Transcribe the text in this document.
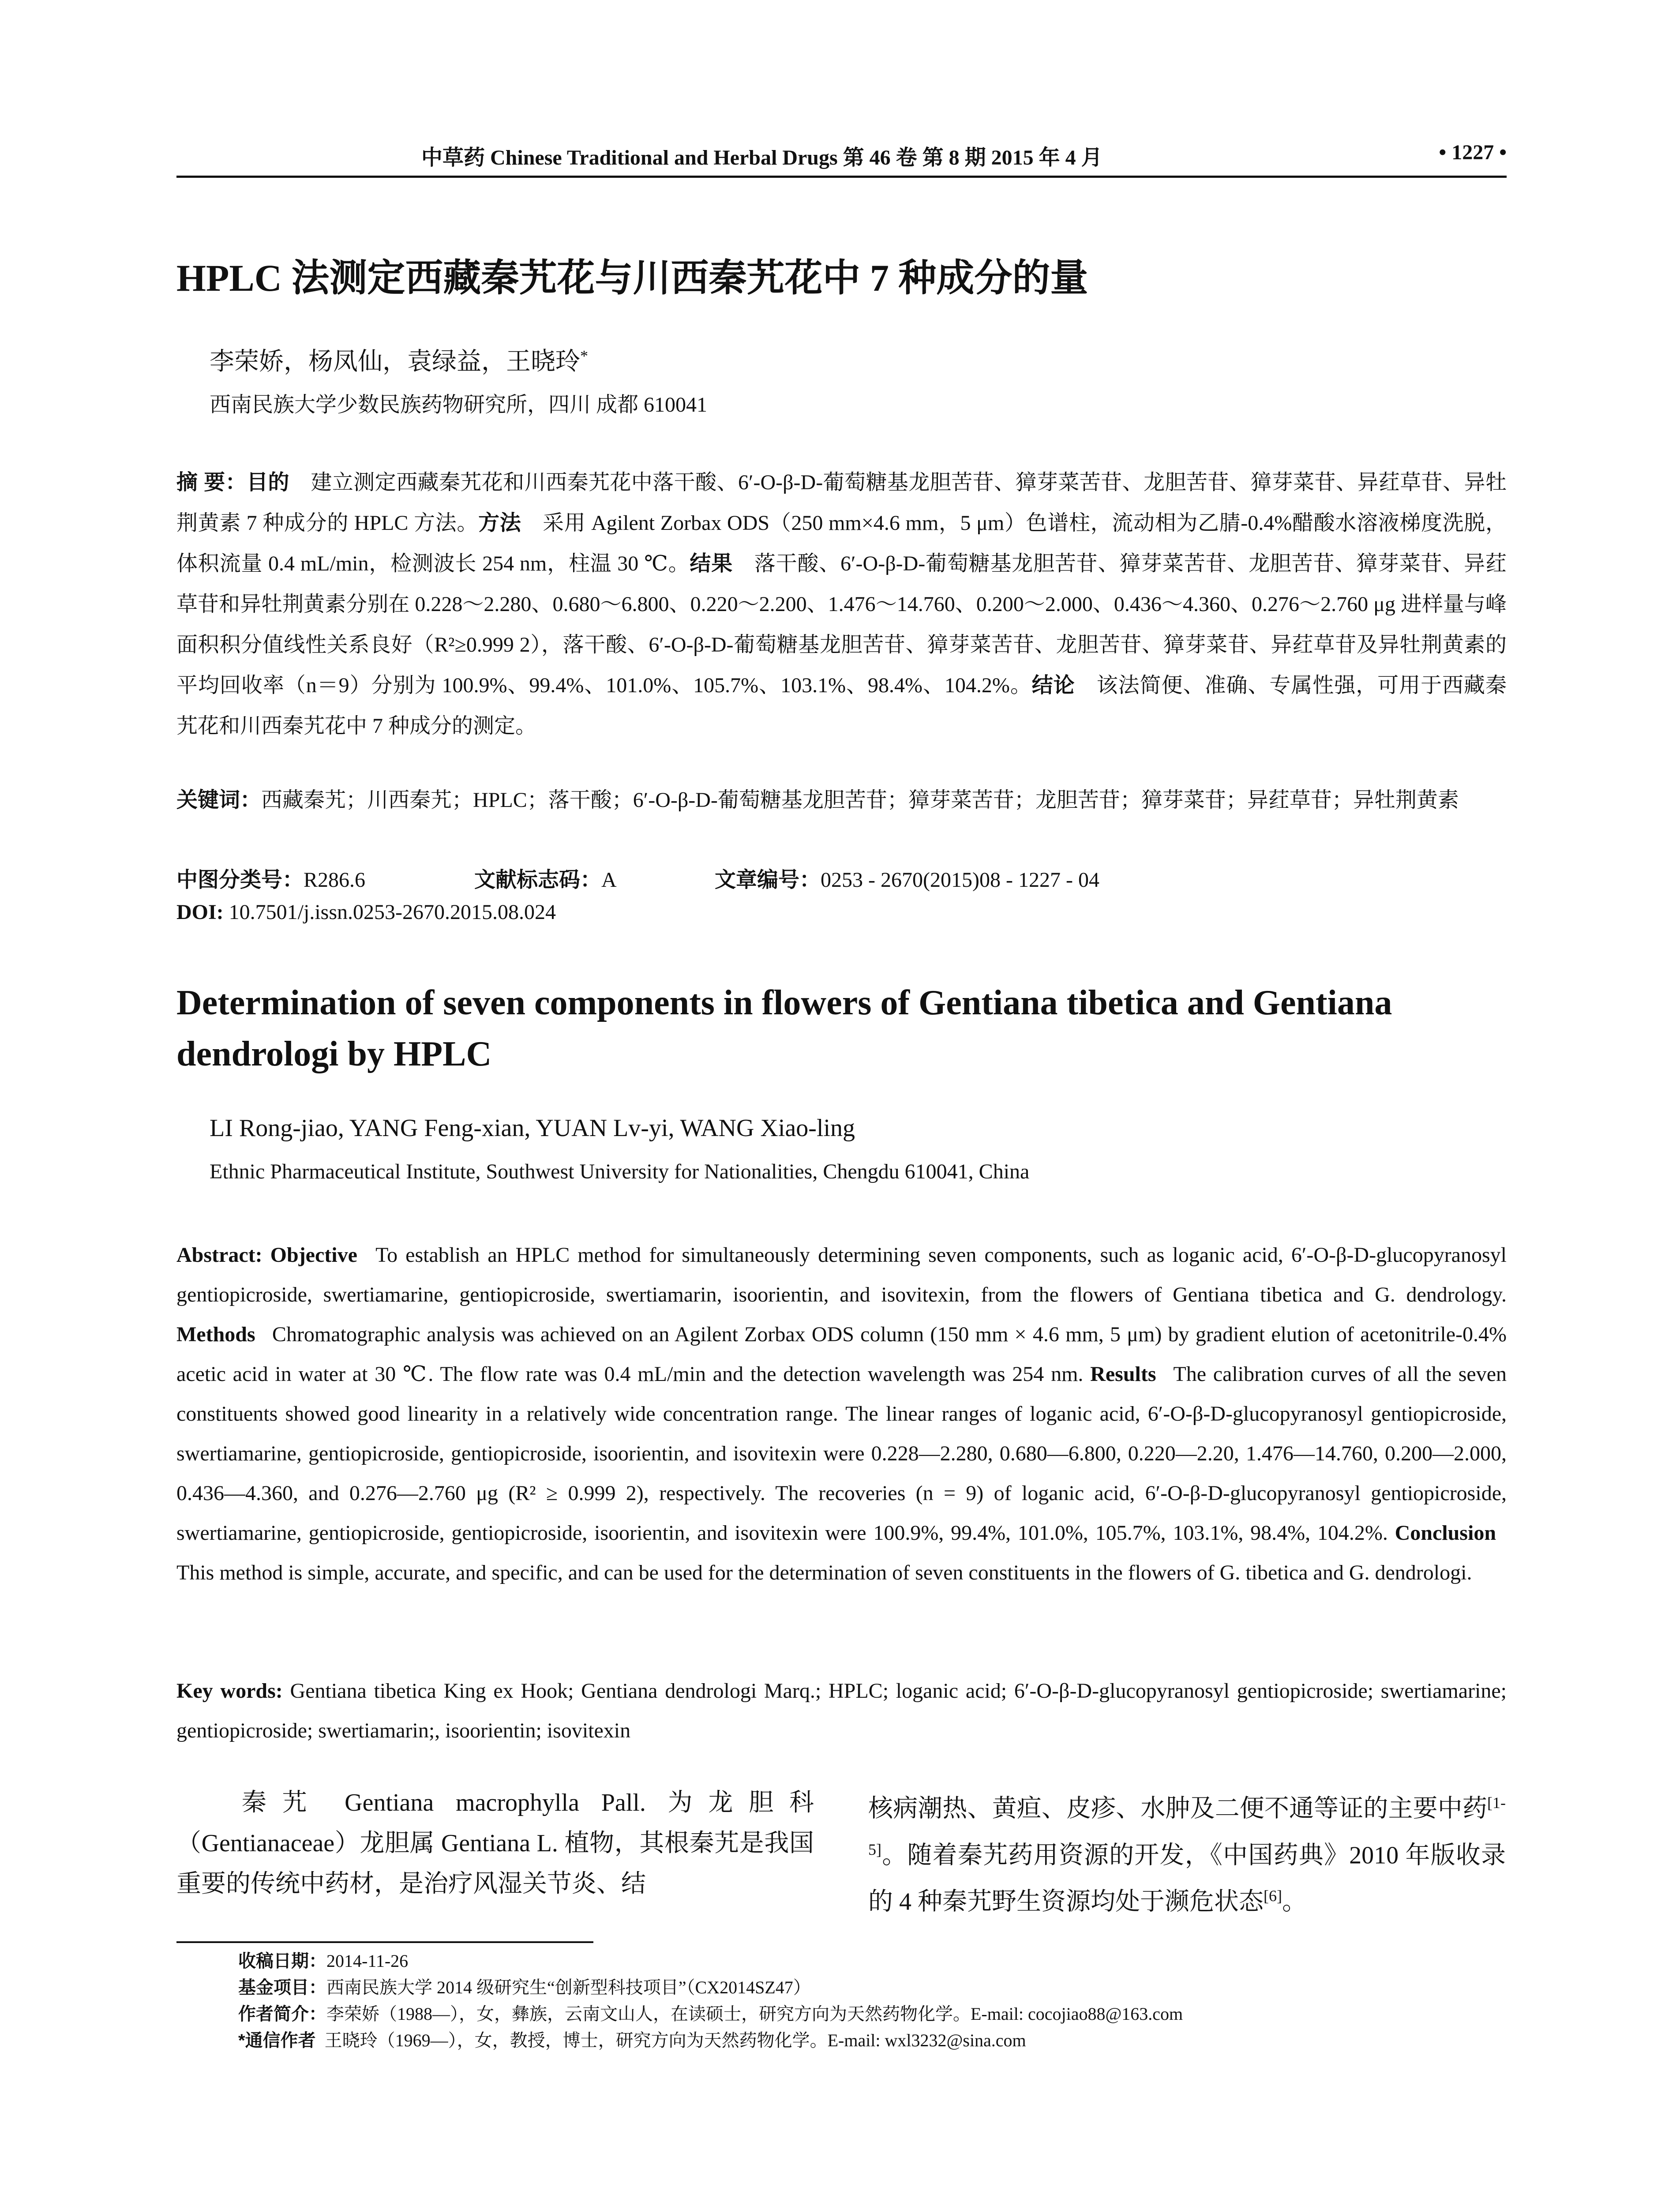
中草药 Chinese Traditional and Herbal Drugs 第 46 卷 第 8 期 2015 年 4 月	• 1227 •
HPLC 法测定西藏秦艽花与川西秦艽花中 7 种成分的量
李荣娇，杨凤仙，袁绿益，王晓玲*
西南民族大学少数民族药物研究所，四川 成都 610041
摘 要：目的  建立测定西藏秦艽花和川西秦艽花中落干酸、6′-O-β-D-葡萄糖基龙胆苦苷、獐芽菜苦苷、龙胆苦苷、獐芽菜苷、异荭草苷、异牡荆黄素 7 种成分的 HPLC 方法。方法  采用 Agilent Zorbax ODS（250 mm×4.6 mm，5 μm）色谱柱，流动相为乙腈-0.4%醋酸水溶液梯度洗脱，体积流量 0.4 mL/min，检测波长 254 nm，柱温 30 ℃。结果  落干酸、6′-O-β-D-葡萄糖基龙胆苦苷、獐芽菜苦苷、龙胆苦苷、獐芽菜苷、异荭草苷和异牡荆黄素分别在 0.228～2.280、0.680～6.800、0.220～2.200、1.476～14.760、0.200～2.000、0.436～4.360、0.276～2.760 μg 进样量与峰面积积分值线性关系良好（R²≥0.999 2），落干酸、6′-O-β-D-葡萄糖基龙胆苦苷、獐芽菜苦苷、龙胆苦苷、獐芽菜苷、异荭草苷及异牡荆黄素的平均回收率（n＝9）分别为 100.9%、99.4%、101.0%、105.7%、103.1%、98.4%、104.2%。结论  该法简便、准确、专属性强，可用于西藏秦艽花和川西秦艽花中 7 种成分的测定。
关键词：西藏秦艽；川西秦艽；HPLC；落干酸；6′-O-β-D-葡萄糖基龙胆苦苷；獐芽菜苦苷；龙胆苦苷；獐芽菜苷；异荭草苷；异牡荆黄素
中图分类号：R286.6	文献标志码：A	文章编号：0253 - 2670(2015)08 - 1227 - 04
DOI: 10.7501/j.issn.0253-2670.2015.08.024
Determination of seven components in flowers of Gentiana tibetica and Gentiana dendrologi by HPLC
LI Rong-jiao, YANG Feng-xian, YUAN Lv-yi, WANG Xiao-ling
Ethnic Pharmaceutical Institute, Southwest University for Nationalities, Chengdu 610041, China
Abstract: Objective  To establish an HPLC method for simultaneously determining seven components, such as loganic acid, 6′-O-β-D-glucopyranosyl gentiopicroside, swertiamarine, gentiopicroside, swertiamarin, isoorientin, and isovitexin, from the flowers of Gentiana tibetica and G. dendrology. Methods  Chromatographic analysis was achieved on an Agilent Zorbax ODS column (150 mm × 4.6 mm, 5 μm) by gradient elution of acetonitrile-0.4% acetic acid in water at 30 ℃. The flow rate was 0.4 mL/min and the detection wavelength was 254 nm. Results  The calibration curves of all the seven constituents showed good linearity in a relatively wide concentration range. The linear ranges of loganic acid, 6′-O-β-D-glucopyranosyl gentiopicroside, swertiamarine, gentiopicroside, gentiopicroside, isoorientin, and isovitexin were 0.228—2.280, 0.680—6.800, 0.220—2.20, 1.476—14.760, 0.200—2.000, 0.436—4.360, and 0.276—2.760 μg (R² ≥ 0.999 2), respectively. The recoveries (n = 9) of loganic acid, 6′-O-β-D-glucopyranosyl gentiopicroside, swertiamarine, gentiopicroside, gentiopicroside, isoorientin, and isovitexin were 100.9%, 99.4%, 101.0%, 105.7%, 103.1%, 98.4%, 104.2%. Conclusion  This method is simple, accurate, and specific, and can be used for the determination of seven constituents in the flowers of G. tibetica and G. dendrologi.
Key words: Gentiana tibetica King ex Hook; Gentiana dendrologi Marq.; HPLC; loganic acid; 6′-O-β-D-glucopyranosyl gentiopicroside; swertiamarine; gentiopicroside; swertiamarin;, isoorientin; isovitexin
  秦艽 Gentiana macrophylla Pall. 为龙胆科（Gentianaceae）龙胆属 Gentiana L. 植物，其根秦艽是我国重要的传统中药材，是治疗风湿关节炎、结
核病潮热、黄疸、皮疹、水肿及二便不通等证的主要中药[1-5]。随着秦艽药用资源的开发，《中国药典》2010 年版收录的 4 种秦艽野生资源均处于濒危状态[6]。
收稿日期：2014-11-26
基金项目：西南民族大学 2014 级研究生“创新型科技项目”（CX2014SZ47）
作者简介：李荣娇（1988—），女，彝族，云南文山人，在读硕士，研究方向为天然药物化学。E-mail: cocojiao88@163.com
*通信作者  王晓玲（1969—），女，教授，博士，研究方向为天然药物化学。E-mail: wxl3232@sina.com
